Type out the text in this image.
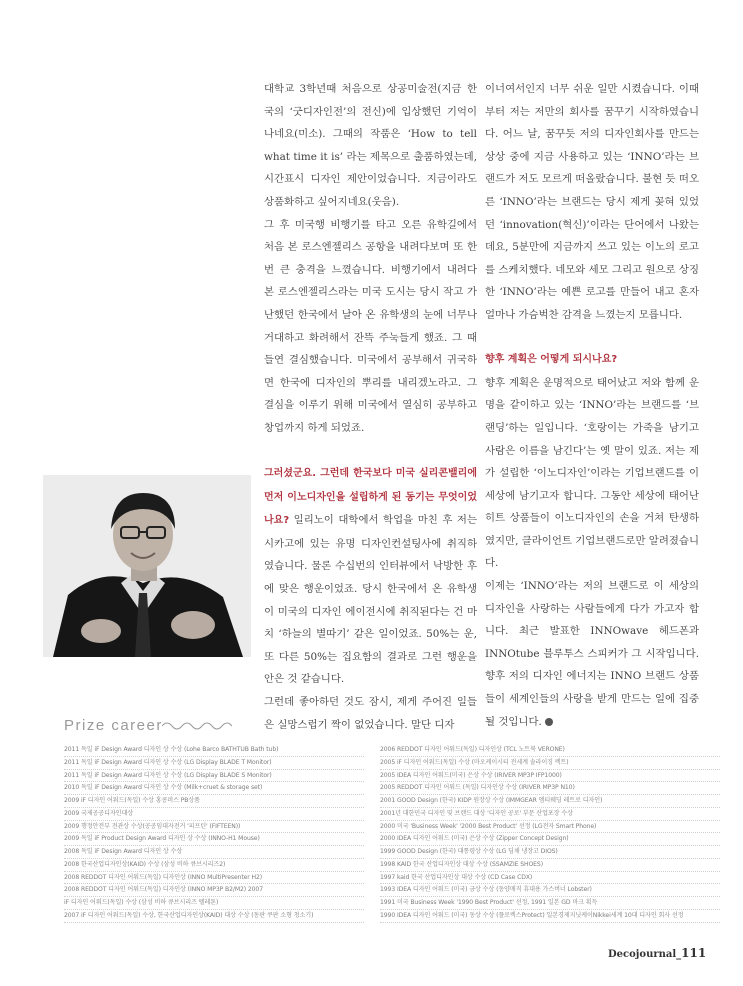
대학교 3학년때 처음으로 상공미술전(지금 한국의 ‘굿디자인전’의 전신)에 입상했던 기억이 나네요(미소). 그때의 작품은 ‘How to tell what time it is’ 라는 제목으로 출품하였는데, 시간표시 디자인 제안이었습니다. 지금이라도 상품화하고 싶어지네요(웃음).

그 후 미국행 비행기를 타고 오른 유학길에서 처음 본 로스엔젤리스 공항을 내려다보며 또 한 번 큰 충격을 느꼈습니다. 비행기에서 내려다 본 로스엔젤리스라는 미국 도시는 당시 작고 가난했던 한국에서 날아 온 유학생의 눈에 너무나 거대하고 화려해서 잔뜩 주눅들게 했죠. 그 때 들연 결심했습니다. 미국에서 공부해서 귀국하면 한국에 디자인의 뿌리를 내리겠노라고. 그 결심을 이루기 위해 미국에서 열심히 공부하고 창업까지 하게 되었죠.

그러셨군요. 그런데 한국보다 미국 실리콘밸리에 먼저 이노디자인을 설립하게 된 동기는 무엇이었나요? 일리노이 대학에서 학업을 마친 후 저는 시카고에 있는 유명 디자인컨설팅사에 취직하였습니다. 물론 수십번의 인터뷰에서 낙방한 후에 맞은 행운이었죠. 당시 한국에서 온 유학생이 미국의 디자인 에이전시에 취직된다는 건 마치 ‘하늘의 별따기’ 같은 일이었죠. 50%는 운, 또 다른 50%는 집요함의 결과로 그런 행운을 안은 것 같습니다.

그런데 좋아하던 것도 잠시, 제게 주어진 일들은 실망스럽기 짝이 없었습니다. 말단 디자

이너여서인지 너무 쉬운 일만 시켰습니다. 이때부터 저는 저만의 회사를 꿈꾸기 시작하였습니다. 어느 날, 꿈꾸듯 저의 디자인회사를 만드는 상상 중에 지금 사용하고 있는 ‘INNO’라는 브랜드가 저도 모르게 떠올랐습니다. 불현 듯 떠오른 ‘INNO’라는 브랜드는 당시 제게 꽂혀 있었던 ‘innovation(혁신)’이라는 단어에서 나왔는데요, 5분만에 지금까지 쓰고 있는 이노의 로고를 스케치했다. 네모와 세모 그리고 원으로 상징한 ‘INNO’라는 예쁜 로고를 만들어 내고 혼자 얼마나 가슴벅찬 감격을 느꼈는지 모릅니다.

향후 계획은 어떻게 되시나요?

향후 계획은 운명적으로 태어났고 저와 함께 운명을 같이하고 있는 ‘INNO’라는 브랜드를 ‘브랜딩’하는 일입니다. ‘호랑이는 가죽을 남기고 사람은 이름을 남긴다’는 옛 말이 있죠. 저는 제가 설립한 ‘이노디자인’이라는 기업브랜드를 이 세상에 남기고자 합니다. 그동안 세상에 태어난 히트 상품들이 이노디자인의 손을 거쳐 탄생하였지만, 클라이언트 기업브랜드로만 알려졌습니다.

이제는 ‘INNO’라는 저의 브랜드로 이 세상의 디자인을 사랑하는 사람들에게 다가 가고자 합니다. 최근 발표한 INNOwave 헤드폰과 INNOtube 블루투스 스피커가 그 시작입니다. 향후 저의 디자인 에너지는 INNO 브랜드 상품들이 세계인들의 사랑을 받게 만드는 일에 집중 될 것입니다.

Prize career
2011 독일 iF Design Award 디자인 상 수상 (Lohe Barco BATHTUB Bath tub)
2011 독일 iF Design Award 디자인 상 수상 (LG Display BLADE T Monitor)
2011 독일 iF Design Award 디자인 상 수상 (LG Display BLADE S Monitor)
2010 독일 iF Design Award 디자인 상 수상 (Milk+cruet & storage set)
2009 iF 디자인 어워드(독일) 수상 홍콩퍼스 PB상품
2009 국제공공디자인대상
2009 행정안전부 전관상 수상(공공임대자전거 '피프틴' (FIFTEEN))
2009 독일 iF Product Design Award 디자인 상 수상 (INNO-H1 Mouse)
2008 독일 iF Design Award 디자인 상 수상
2008 한국산업디자인상(KAID) 수상 (삼성 비하 큐브시리즈2)
2008 REDDOT 디자인 어워드(독일) 디자인상 (INNO MultiPresenter H2)
2008 REDDOT 디자인 어워드(독일) 디자인상 (INNO MP3P B2/M2) 2007
iF 디자인 어워드(독일) 수상 (삼성 비하 큐브시리즈 텔레톤)
2007 iF 디자인 어워드(독일) 수상, 한국산업디자인상(KAID) 대상 수상 (동판 쿠판 소형 청소기)
2006 REDDOT 디자인 어워드(독일) 디자인상 (TCL 노트북 VERONE)
2005 iF 디자인 어워드(독일) 수상 (마오케이시티 전세계 솔라이징 렉트)
2005 IDEA 디자인 어워드(미국) 은상 수상 (IRIVER MP3P IFP1000)
2005 REDDOT 디자인 어워드 (독일) 디자인상 수상 (IRIVER MP3P N10)
2001 GOOD Design (한국) KIDP 원장상 수상 (IMMGEAR 엠티웨딩 레트로 디자인)
2001년 대한민국 디자인 및 브랜드 대상 '디자인 공로' 부문 산업포장 수상
2000 미국 'Business Week' '2000 Best Product' 선정 (LG전자 Smart Phone)
2000 IDEA 디자인 어워드 (미국) 은상 수상 (Zipper Concept Design)
1999 GOOD Design (한국) 대통령상 수상 (LG 딤채 냉장고 DIOS)
1998 KAID 한국 산업디자인상 대상 수상 (SSAMZIE SHOES)
1997 kaid 한국 산업디자인상 대상 수상 (CD Case CDX)
1993 IDEA 디자인 어워드 (미국) 금상 수상 (동양매직 휴대용 가스버너 Lobster)
1991 미국 Business Week '1990 Best Product' 선정, 1991 일본 GD 마크 획득
1990 IDEA 디자인 어워드 (미국) 동상 수상 (플로렉스Protect) 일본경제지닛케이Nikkei세계 10대 디자인 회사 선정
Decojournal_111
